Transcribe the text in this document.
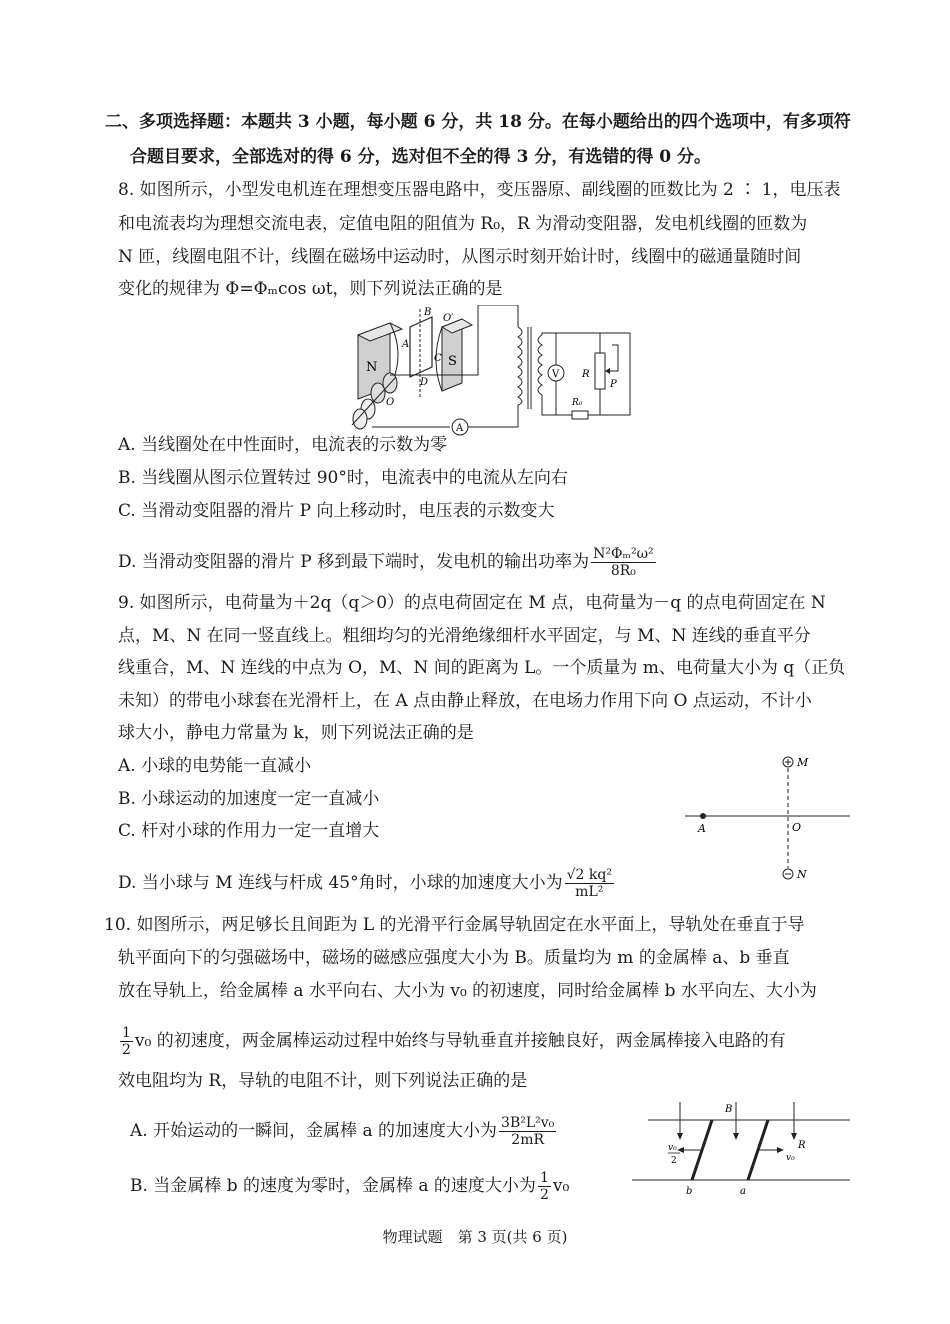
二、多项选择题：本题共 3 小题，每小题 6 分，共 18 分。在每小题给出的四个选项中，有多项符
合题目要求，全部选对的得 6 分，选对但不全的得 3 分，有选错的得 0 分。
8. 如图所示，小型发电机连在理想变压器电路中，变压器原、副线圈的匝数比为 2 ∶ 1，电压表
和电流表均为理想交流电表，定值电阻的阻值为 R₀，R 为滑动变阻器，发电机线圈的匝数为
N 匝，线圈电阻不计，线圈在磁场中运动时，从图示时刻开始计时，线圈中的磁通量随时间
变化的规律为 Φ=Φₘcos ωt，则下列说法正确的是
N	S
B
O′
A
C
D
O
A
V R
P
R₀
A. 当线圈处在中性面时，电流表的示数为零
B. 当线圈从图示位置转过 90°时，电流表中的电流从左向右
C. 当滑动变阻器的滑片 P 向上移动时，电压表的示数变大
D. 当滑动变阻器的滑片 P 移到最下端时，发电机的输出功率为 $\frac{\text{N²Φₘ²ω²}}{\text{8R₀}}$
9. 如图所示，电荷量为＋2q（q＞0）的点电荷固定在 M 点，电荷量为－q 的点电荷固定在 N
点，M、N 在同一竖直线上。粗细均匀的光滑绝缘细杆水平固定，与 M、N 连线的垂直平分
线重合，M、N 连线的中点为 O，M、N 间的距离为 L。一个质量为 m、电荷量大小为 q（正负
未知）的带电小球套在光滑杆上，在 A 点由静止释放，在电场力作用下向 O 点运动，不计小
球大小，静电力常量为 k，则下列说法正确的是
A. 小球的电势能一直减小
B. 小球运动的加速度一定一直减小
C. 杆对小球的作用力一定一直增大
D. 当小球与 M 连线与杆成 45°角时，小球的加速度大小为 $\frac{\text{√2 kq²}}{\text{mL²}}$
M
N
A	O
10. 如图所示，两足够长且间距为 L 的光滑平行金属导轨固定在水平面上，导轨处在垂直于导
轨平面向下的匀强磁场中，磁场的磁感应强度大小为 B。质量均为 m 的金属棒 a、b 垂直
放在导轨上，给金属棒 a 水平向右、大小为 v₀ 的初速度，同时给金属棒 b 水平向左、大小为
$\frac{1}{2} v_0$ 的初速度，两金属棒运动过程中始终与导轨垂直并接触良好，两金属棒接入电路的有
效电阻均为 R，导轨的电阻不计，则下列说法正确的是
A. 开始运动的一瞬间，金属棒 a 的加速度大小为 $\frac{\text{3B²L²v₀}}{2mR}$
B. 当金属棒 b 的速度为零时，金属棒 a 的速度大小为 $\frac{1}{2} v_0$
B
R
v₀
2
b
v₀
a
物理试题　第 3 页(共 6 页)
